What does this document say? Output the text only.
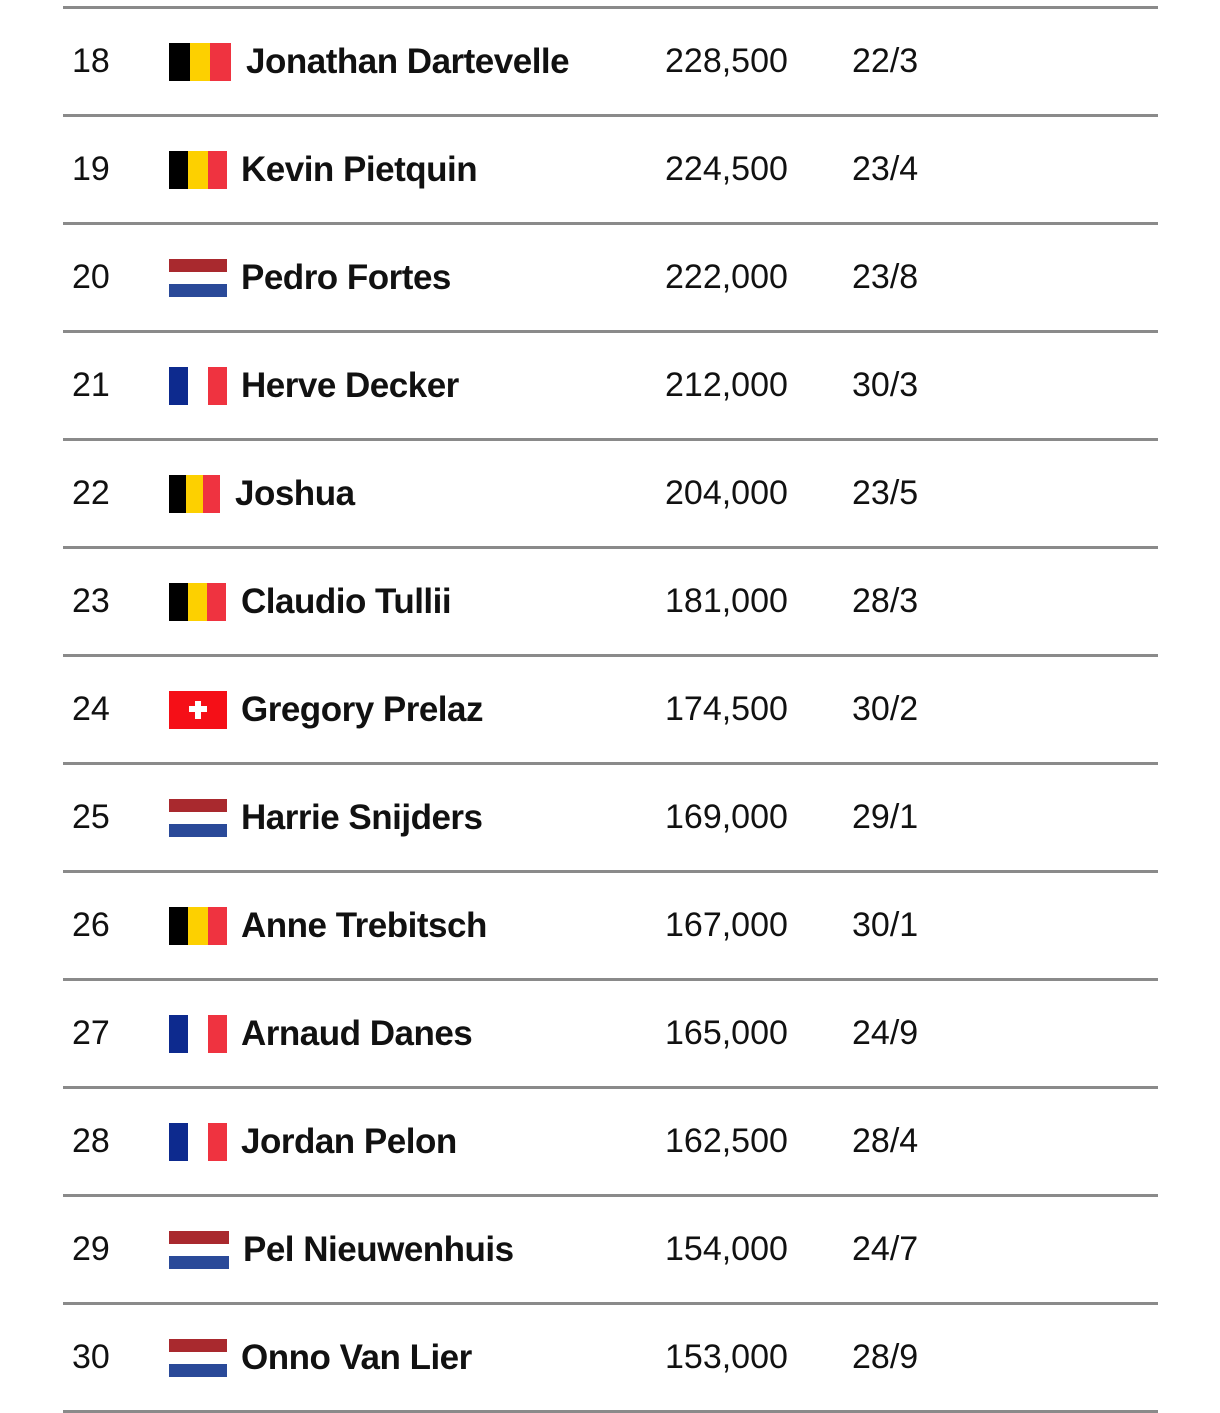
18	Jonathan Dartevelle	228,500 22/3
19	Kevin Pietquin	224,500 23/4
20	Pedro Fortes	222,000 23/8
21	Herve Decker	212,000 30/3
22	Joshua	204,000 23/5
23	Claudio Tullii	181,000 28/3
24	Gregory Prelaz	174,500 30/2
25	Harrie Snijders	169,000 29/1
26	Anne Trebitsch	167,000 30/1
27	Arnaud Danes	165,000 24/9
28	Jordan Pelon	162,500 28/4
29	Pel Nieuwenhuis	154,000 24/7
30	Onno Van Lier	153,000 28/9
